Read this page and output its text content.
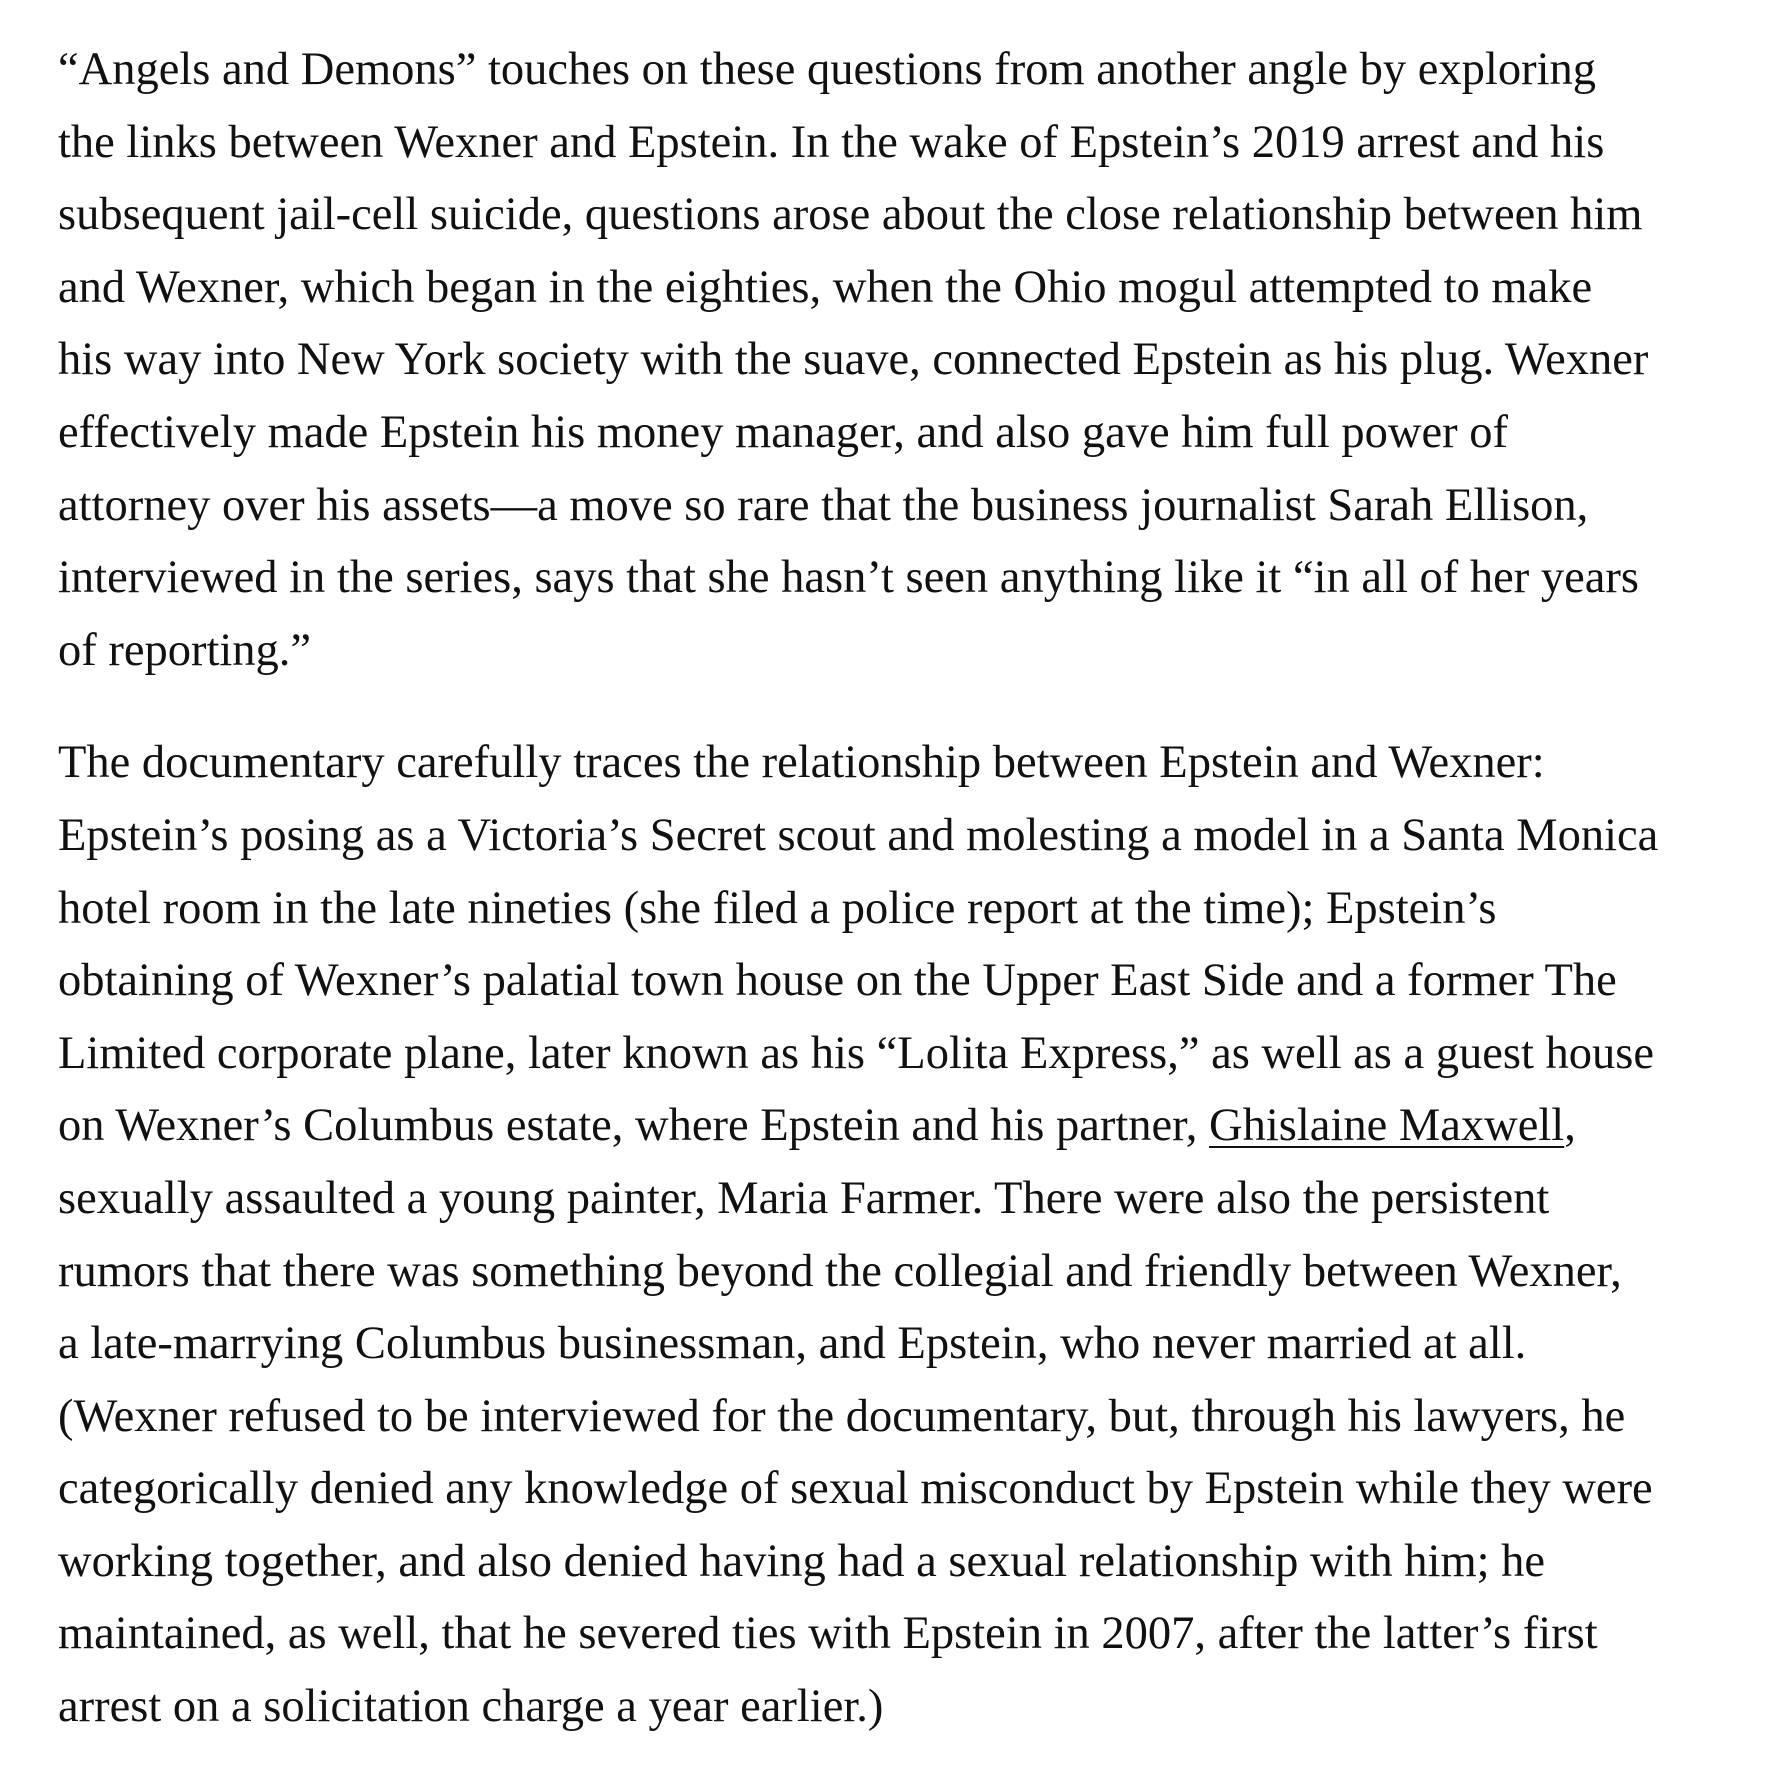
“Angels and Demons” touches on these questions from another angle by exploring
the links between Wexner and Epstein. In the wake of Epstein’s 2019 arrest and his
subsequent jail-cell suicide, questions arose about the close relationship between him
and Wexner, which began in the eighties, when the Ohio mogul attempted to make
his way into New York society with the suave, connected Epstein as his plug. Wexner
effectively made Epstein his money manager, and also gave him full power of
attorney over his assets—a move so rare that the business journalist Sarah Ellison,
interviewed in the series, says that she hasn’t seen anything like it “in all of her years
of reporting.”

The documentary carefully traces the relationship between Epstein and Wexner:
Epstein’s posing as a Victoria’s Secret scout and molesting a model in a Santa Monica
hotel room in the late nineties (she filed a police report at the time); Epstein’s
obtaining of Wexner’s palatial town house on the Upper East Side and a former The
Limited corporate plane, later known as his “Lolita Express,” as well as a guest house
on Wexner’s Columbus estate, where Epstein and his partner, Ghislaine Maxwell,
sexually assaulted a young painter, Maria Farmer. There were also the persistent
rumors that there was something beyond the collegial and friendly between Wexner,
a late-marrying Columbus businessman, and Epstein, who never married at all.
(Wexner refused to be interviewed for the documentary, but, through his lawyers, he
categorically denied any knowledge of sexual misconduct by Epstein while they were
working together, and also denied having had a sexual relationship with him; he
maintained, as well, that he severed ties with Epstein in 2007, after the latter’s first
arrest on a solicitation charge a year earlier.)
